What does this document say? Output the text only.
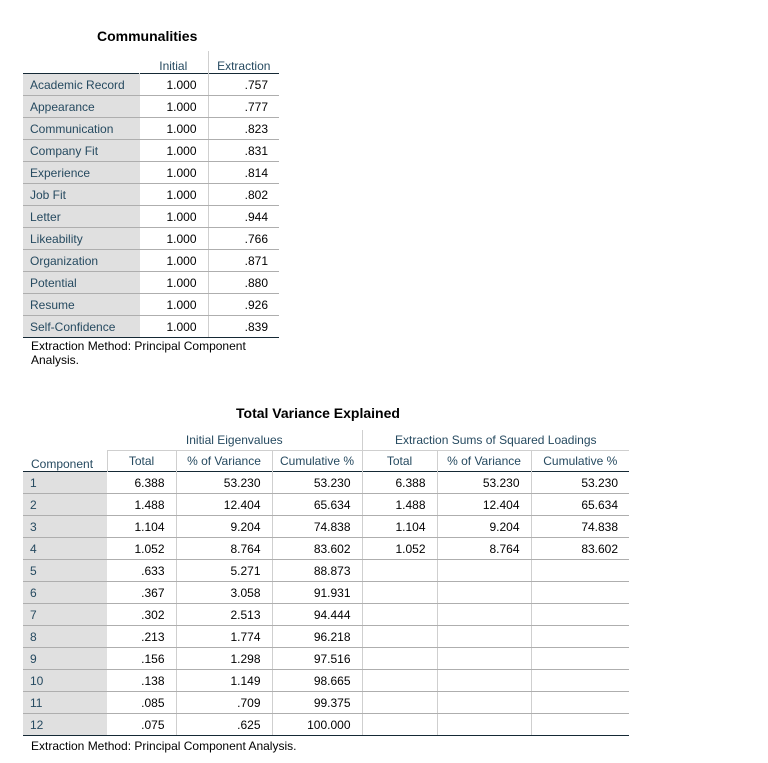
Communalities
	Initial	Extraction
Academic Record	1.000	.757
Appearance	1.000	.777
Communication	1.000	.823
Company Fit	1.000	.831
Experience	1.000	.814
Job Fit	1.000	.802
Letter	1.000	.944
Likeability	1.000	.766
Organization	1.000	.871
Potential	1.000	.880
Resume	1.000	.926
Self-Confidence	1.000	.839
Extraction Method: Principal Component
Analysis.
Total Variance Explained
	Initial Eigenvalues			Extraction Sums of Squared Loadings		
Component	Total	% of Variance	Cumulative %	Total	% of Variance	Cumulative %
1	6.388	53.230	53.230	6.388	53.230	53.230
2	1.488	12.404	65.634	1.488	12.404	65.634
3	1.104	9.204	74.838	1.104	9.204	74.838
4	1.052	8.764	83.602	1.052	8.764	83.602
5	.633	5.271	88.873			
6	.367	3.058	91.931			
7	.302	2.513	94.444			
8	.213	1.774	96.218			
9	.156	1.298	97.516			
10	.138	1.149	98.665			
11	.085	.709	99.375			
12	.075	.625	100.000			
Extraction Method: Principal Component Analysis.
